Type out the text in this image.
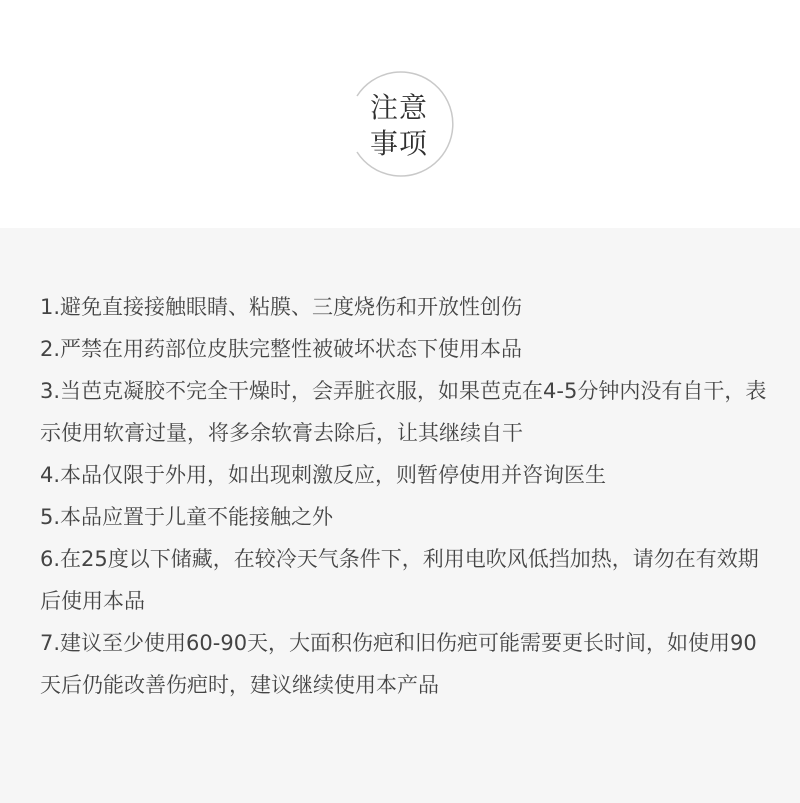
注意
事项
1.避免直接接触眼睛、粘膜、三度烧伤和开放性创伤
2.严禁在用药部位皮肤完整性被破坏状态下使用本品
3.当芭克凝胶不完全干燥时，会弄脏衣服，如果芭克在4-5分钟内没有自干，表示使用软膏过量，将多余软膏去除后，让其继续自干
4.本品仅限于外用，如出现刺激反应，则暂停使用并咨询医生
5.本品应置于儿童不能接触之外
6.在25度以下储藏，在较冷天气条件下，利用电吹风低挡加热，请勿在有效期后使用本品
7.建议至少使用60-90天，大面积伤疤和旧伤疤可能需要更长时间，如使用90天后仍能改善伤疤时，建议继续使用本产品
